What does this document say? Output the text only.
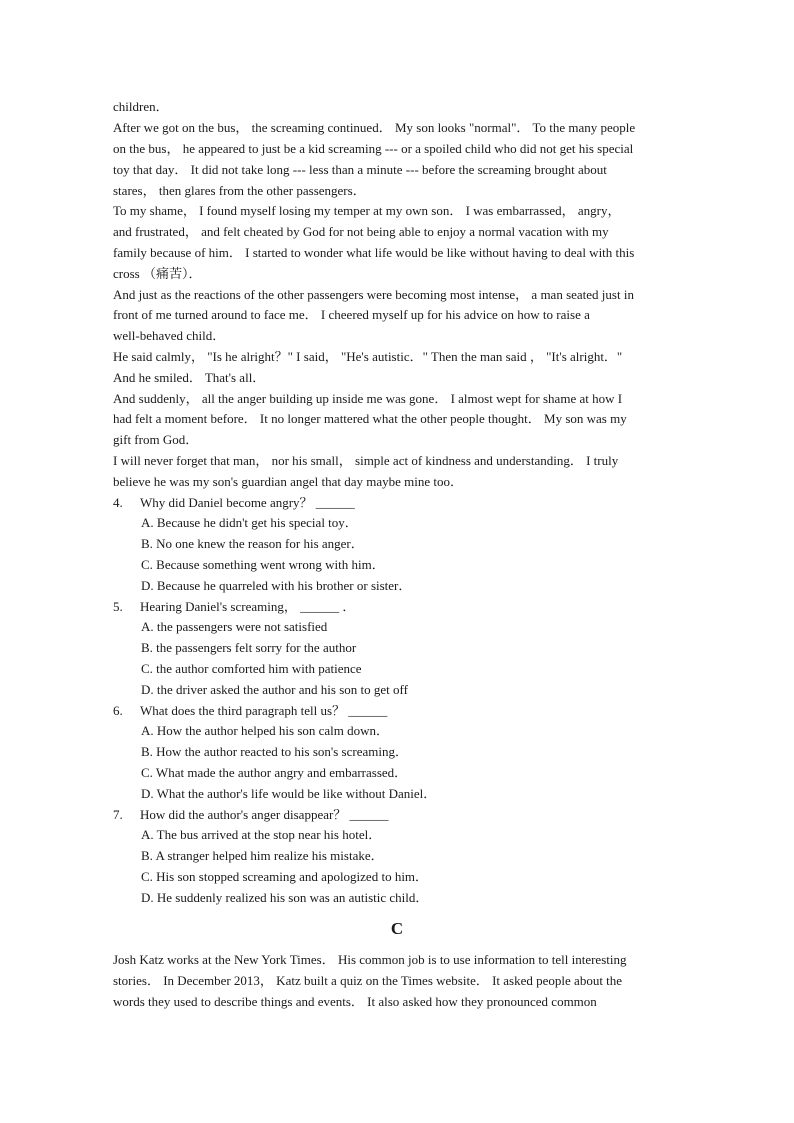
children．
After we got on the bus， the screaming continued． My son looks "normal"． To the many people
on the bus， he appeared to just be a kid screaming --- or a spoiled child who did not get his special
toy that day． It did not take long --- less than a minute --- before the screaming brought about
stares， then glares from the other passengers．
To my shame， I found myself losing my temper at my own son． I was embarrassed， angry，
and frustrated， and felt cheated by God for not being able to enjoy a normal vacation with my
family because of him． I started to wonder what life would be like without having to deal with this
cross （痛苦）．
And just as the reactions of the other passengers were becoming most intense， a man seated just in
front of me turned around to face me． I cheered myself up for his advice on how to raise a
well-behaved child．
He said calmly， "Is he alright？" I said， "He's autistic．" Then the man said ， "It's alright．"
And he smiled． That's all．
And suddenly， all the anger building up inside me was gone． I almost wept for shame at how I
had felt a moment before． It no longer mattered what the other people thought． My son was my
gift from God．
I will never forget that man， nor his small， simple act of kindness and understanding． I truly
believe he was my son's guardian angel that day maybe mine too．
4. Why did Daniel become angry？ ______
A. Because he didn't get his special toy．
B. No one knew the reason for his anger．
C. Because something went wrong with him．
D. Because he quarreled with his brother or sister．
5. Hearing Daniel's screaming， ______ ．
A. the passengers were not satisfied
B. the passengers felt sorry for the author
C. the author comforted him with patience
D. the driver asked the author and his son to get off
6. What does the third paragraph tell us？ ______
A. How the author helped his son calm down．
B. How the author reacted to his son's screaming．
C. What made the author angry and embarrassed．
D. What the author's life would be like without Daniel．
7. How did the author's anger disappear？ ______
A. The bus arrived at the stop near his hotel．
B. A stranger helped him realize his mistake．
C. His son stopped screaming and apologized to him．
D. He suddenly realized his son was an autistic child．
C
Josh Katz works at the New York Times． His common job is to use information to tell interesting
stories． In December 2013， Katz built a quiz on the Times website． It asked people about the
words they used to describe things and events． It also asked how they pronounced common
